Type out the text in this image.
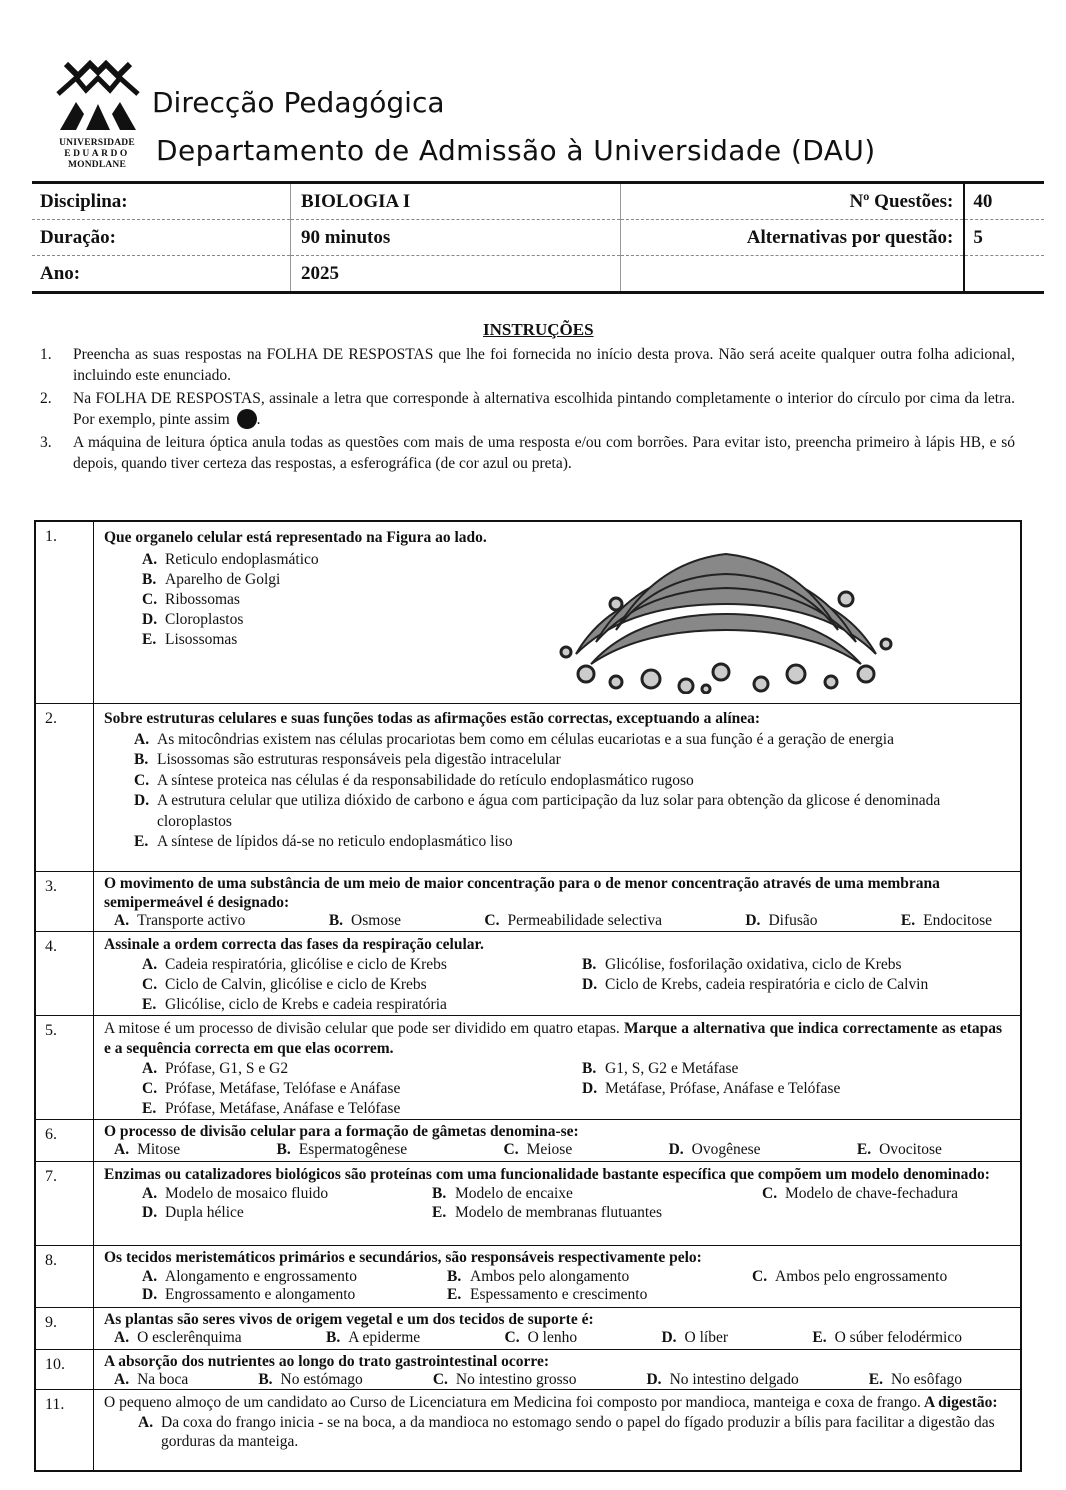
UNIVERSIDADE
EDUARDO
MONDLANE
Direcção Pedagógica
Departamento de Admissão à Universidade (DAU)
Disciplina:	BIOLOGIA I	Nº Questões:	40
Duração:	90 minutos	Alternativas por questão:	5
Ano:	2025		
INSTRUÇÕES
1.	Preencha as suas respostas na FOLHA DE RESPOSTAS que lhe foi fornecida no início desta prova. Não será aceite qualquer outra folha adicional, incluindo este enunciado.
2.	Na FOLHA DE RESPOSTAS, assinale a letra que corresponde à alternativa escolhida pintando completamente o interior do círculo por cima da letra. Por exemplo, pinte assim .
3.	A máquina de leitura óptica anula todas as questões com mais de uma resposta e/ou com borrões. Para evitar isto, preencha primeiro à lápis HB, e só depois, quando tiver certeza das respostas, a esferográfica (de cor azul ou preta).
1.	Que organelo celular está representado na Figura ao lado.
A. Reticulo endoplasmático
B. Aparelho de Golgi
C. Ribossomas
D. Cloroplastos
E. Lisossomas
2.	Sobre estruturas celulares e suas funções todas as afirmações estão correctas, exceptuando a alínea:
A. As mitocôndrias existem nas células procariotas bem como em células eucariotas e a sua função é a geração de energia
B. Lisossomas são estruturas responsáveis pela digestão intracelular
C. A síntese proteica nas células é da responsabilidade do retículo endoplasmático rugoso
D. A estrutura celular que utiliza dióxido de carbono e água com participação da luz solar para obtenção da glicose é denominada cloroplastos
E. A síntese de lípidos dá-se no reticulo endoplasmático liso
3.	O movimento de uma substância de um meio de maior concentração para o de menor concentração através de uma membrana semipermeável é designado:
A. Transporte activo	B. Osmose	C. Permeabilidade selectiva	D. Difusão	E. Endocitose
4.	Assinale a ordem correcta das fases da respiração celular.
A. Cadeia respiratória, glicólise e ciclo de Krebs	B. Glicólise, fosforilação oxidativa, ciclo de Krebs
C. Ciclo de Calvin, glicólise e ciclo de Krebs	D. Ciclo de Krebs, cadeia respiratória e ciclo de Calvin
E. Glicólise, ciclo de Krebs e cadeia respiratória
5.	A mitose é um processo de divisão celular que pode ser dividido em quatro etapas. Marque a alternativa que indica correctamente as etapas e a sequência correcta em que elas ocorrem.
A. Prófase, G1, S e G2	B. G1, S, G2 e Metáfase
C. Prófase, Metáfase, Telófase e Anáfase	D. Metáfase, Prófase, Anáfase e Telófase
E. Prófase, Metáfase, Anáfase e Telófase
6.	O processo de divisão celular para a formação de gâmetas denomina-se:
A. Mitose	B. Espermatogênese	C. Meiose	D. Ovogênese	E. Ovocitose
7.	Enzimas ou catalizadores biológicos são proteínas com uma funcionalidade bastante específica que compõem um modelo denominado:
A. Modelo de mosaico fluido	B. Modelo de encaixe	C. Modelo de chave-fechadura
D. Dupla hélice	E. Modelo de membranas flutuantes
8.	Os tecidos meristemáticos primários e secundários, são responsáveis respectivamente pelo:
A. Alongamento e engrossamento	B. Ambos pelo alongamento	C. Ambos pelo engrossamento
D. Engrossamento e alongamento	E. Espessamento e crescimento
9.	As plantas são seres vivos de origem vegetal e um dos tecidos de suporte é:
A. O esclerênquima	B. A epiderme	C. O lenho	D. O líber	E. O súber felodérmico
10.	A absorção dos nutrientes ao longo do trato gastrointestinal ocorre:
A. Na boca	B. No estómago	C. No intestino grosso	D. No intestino delgado	E. No esôfago
11.	O pequeno almoço de um candidato ao Curso de Licenciatura em Medicina foi composto por mandioca, manteiga e coxa de frango. A digestão:
A. Da coxa do frango inicia - se na boca, a da mandioca no estomago sendo o papel do fígado produzir a bílis para facilitar a digestão das gorduras da manteiga.
